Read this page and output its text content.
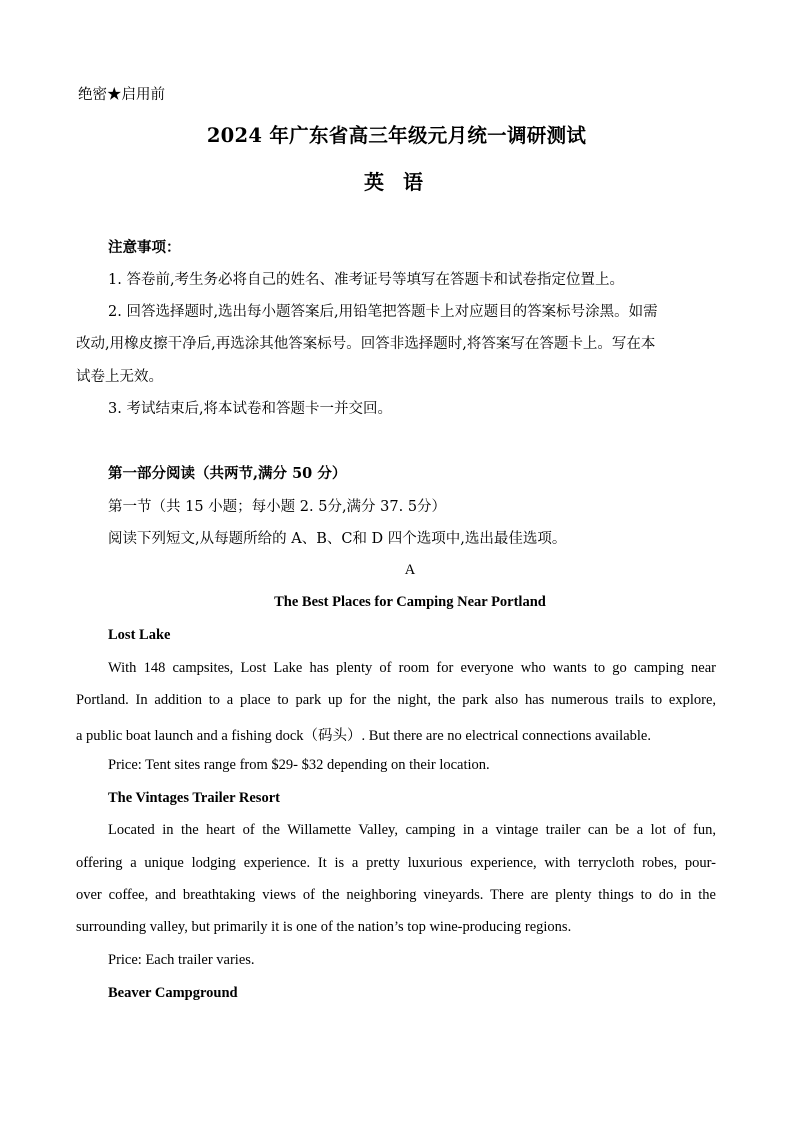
绝密★启用前
2024 年广东省高三年级元月统一调研测试
英 语
注意事项：
1. 答卷前,考生务必将自己的姓名、准考证号等填写在答题卡和试卷指定位置上。
2. 回答选择题时,选出每小题答案后,用铅笔把答题卡上对应题目的答案标号涂黑。如需
改动,用橡皮擦干净后,再选涂其他答案标号。回答非选择题时,将答案写在答题卡上。写在本
试卷上无效。
3. 考试结束后,将本试卷和答题卡一并交回。
第一部分阅读（共两节,满分 50 分）
第一节（共 15 小题；每小题 2. 5分,满分 37. 5分）
阅读下列短文,从每题所给的 A、B、C和 D 四个选项中,选出最佳选项。
A
The Best Places for Camping Near Portland
Lost Lake
With 148 campsites, Lost Lake has plenty of room for everyone who wants to go camping near
Portland. In addition to a place to park up for the night, the park also has numerous trails to explore,
a public boat launch and a fishing dock（码头）. But there are no electrical connections available.
Price: Tent sites range from $29- $32 depending on their location.
The Vintages Trailer Resort
Located in the heart of the Willamette Valley, camping in a vintage trailer can be a lot of fun,
offering a unique lodging experience. It is a pretty luxurious experience, with terrycloth robes, pour-
over coffee, and breathtaking views of the neighboring vineyards. There are plenty things to do in the
surrounding valley, but primarily it is one of the nation’s top wine-producing regions.
Price: Each trailer varies.
Beaver Campground
